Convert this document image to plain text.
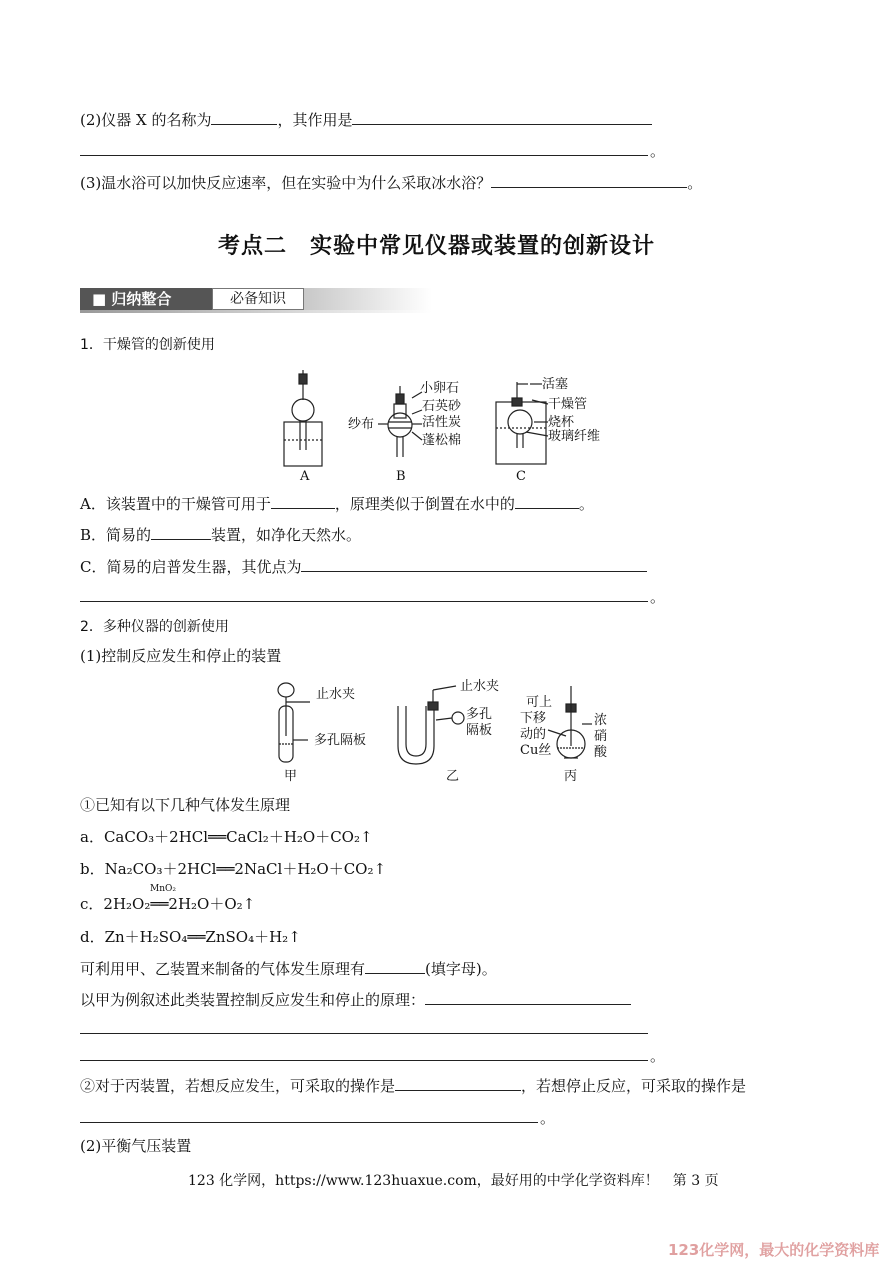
(2)仪器 X 的名称为	，其作用是
。
(3)温水浴可以加快反应速率，但在实验中为什么采取冰水浴？	。
考点二　实验中常见仪器或装置的创新设计
■ 归纳整合	必备知识
1．干燥管的创新使用
A	B	C
小卵石
石英砂
活性炭
蓬松棉
纱布
活塞
干燥管
烧杯
玻璃纤维
A．该装置中的干燥管可用于	，原理类似于倒置在水中的	。
B．简易的	装置，如净化天然水。
C．简易的启普发生器，其优点为
。
2．多种仪器的创新使用
(1)控制反应发生和停止的装置
止水夹
多孔隔板
甲
止水夹
多孔
隔板
乙
可上
下移
动的
Cu丝
浓
硝
酸
丙
①已知有以下几种气体发生原理
a．CaCO₃＋2HCl══CaCl₂＋H₂O＋CO₂↑
b．Na₂CO₃＋2HCl══2NaCl＋H₂O＋CO₂↑
MnO₂
c．2H₂O₂══2H₂O＋O₂↑
d．Zn＋H₂SO₄══ZnSO₄＋H₂↑
可利用甲、乙装置来制备的气体发生原理有	(填字母)。
以甲为例叙述此类装置控制反应发生和停止的原理：
。
②对于丙装置，若想反应发生，可采取的操作是	，若想停止反应，可采取的操作是
。
(2)平衡气压装置
123 化学网，https://www.123huaxue.com，最好用的中学化学资料库！　第 3 页
123化学网，最大的化学资料库
